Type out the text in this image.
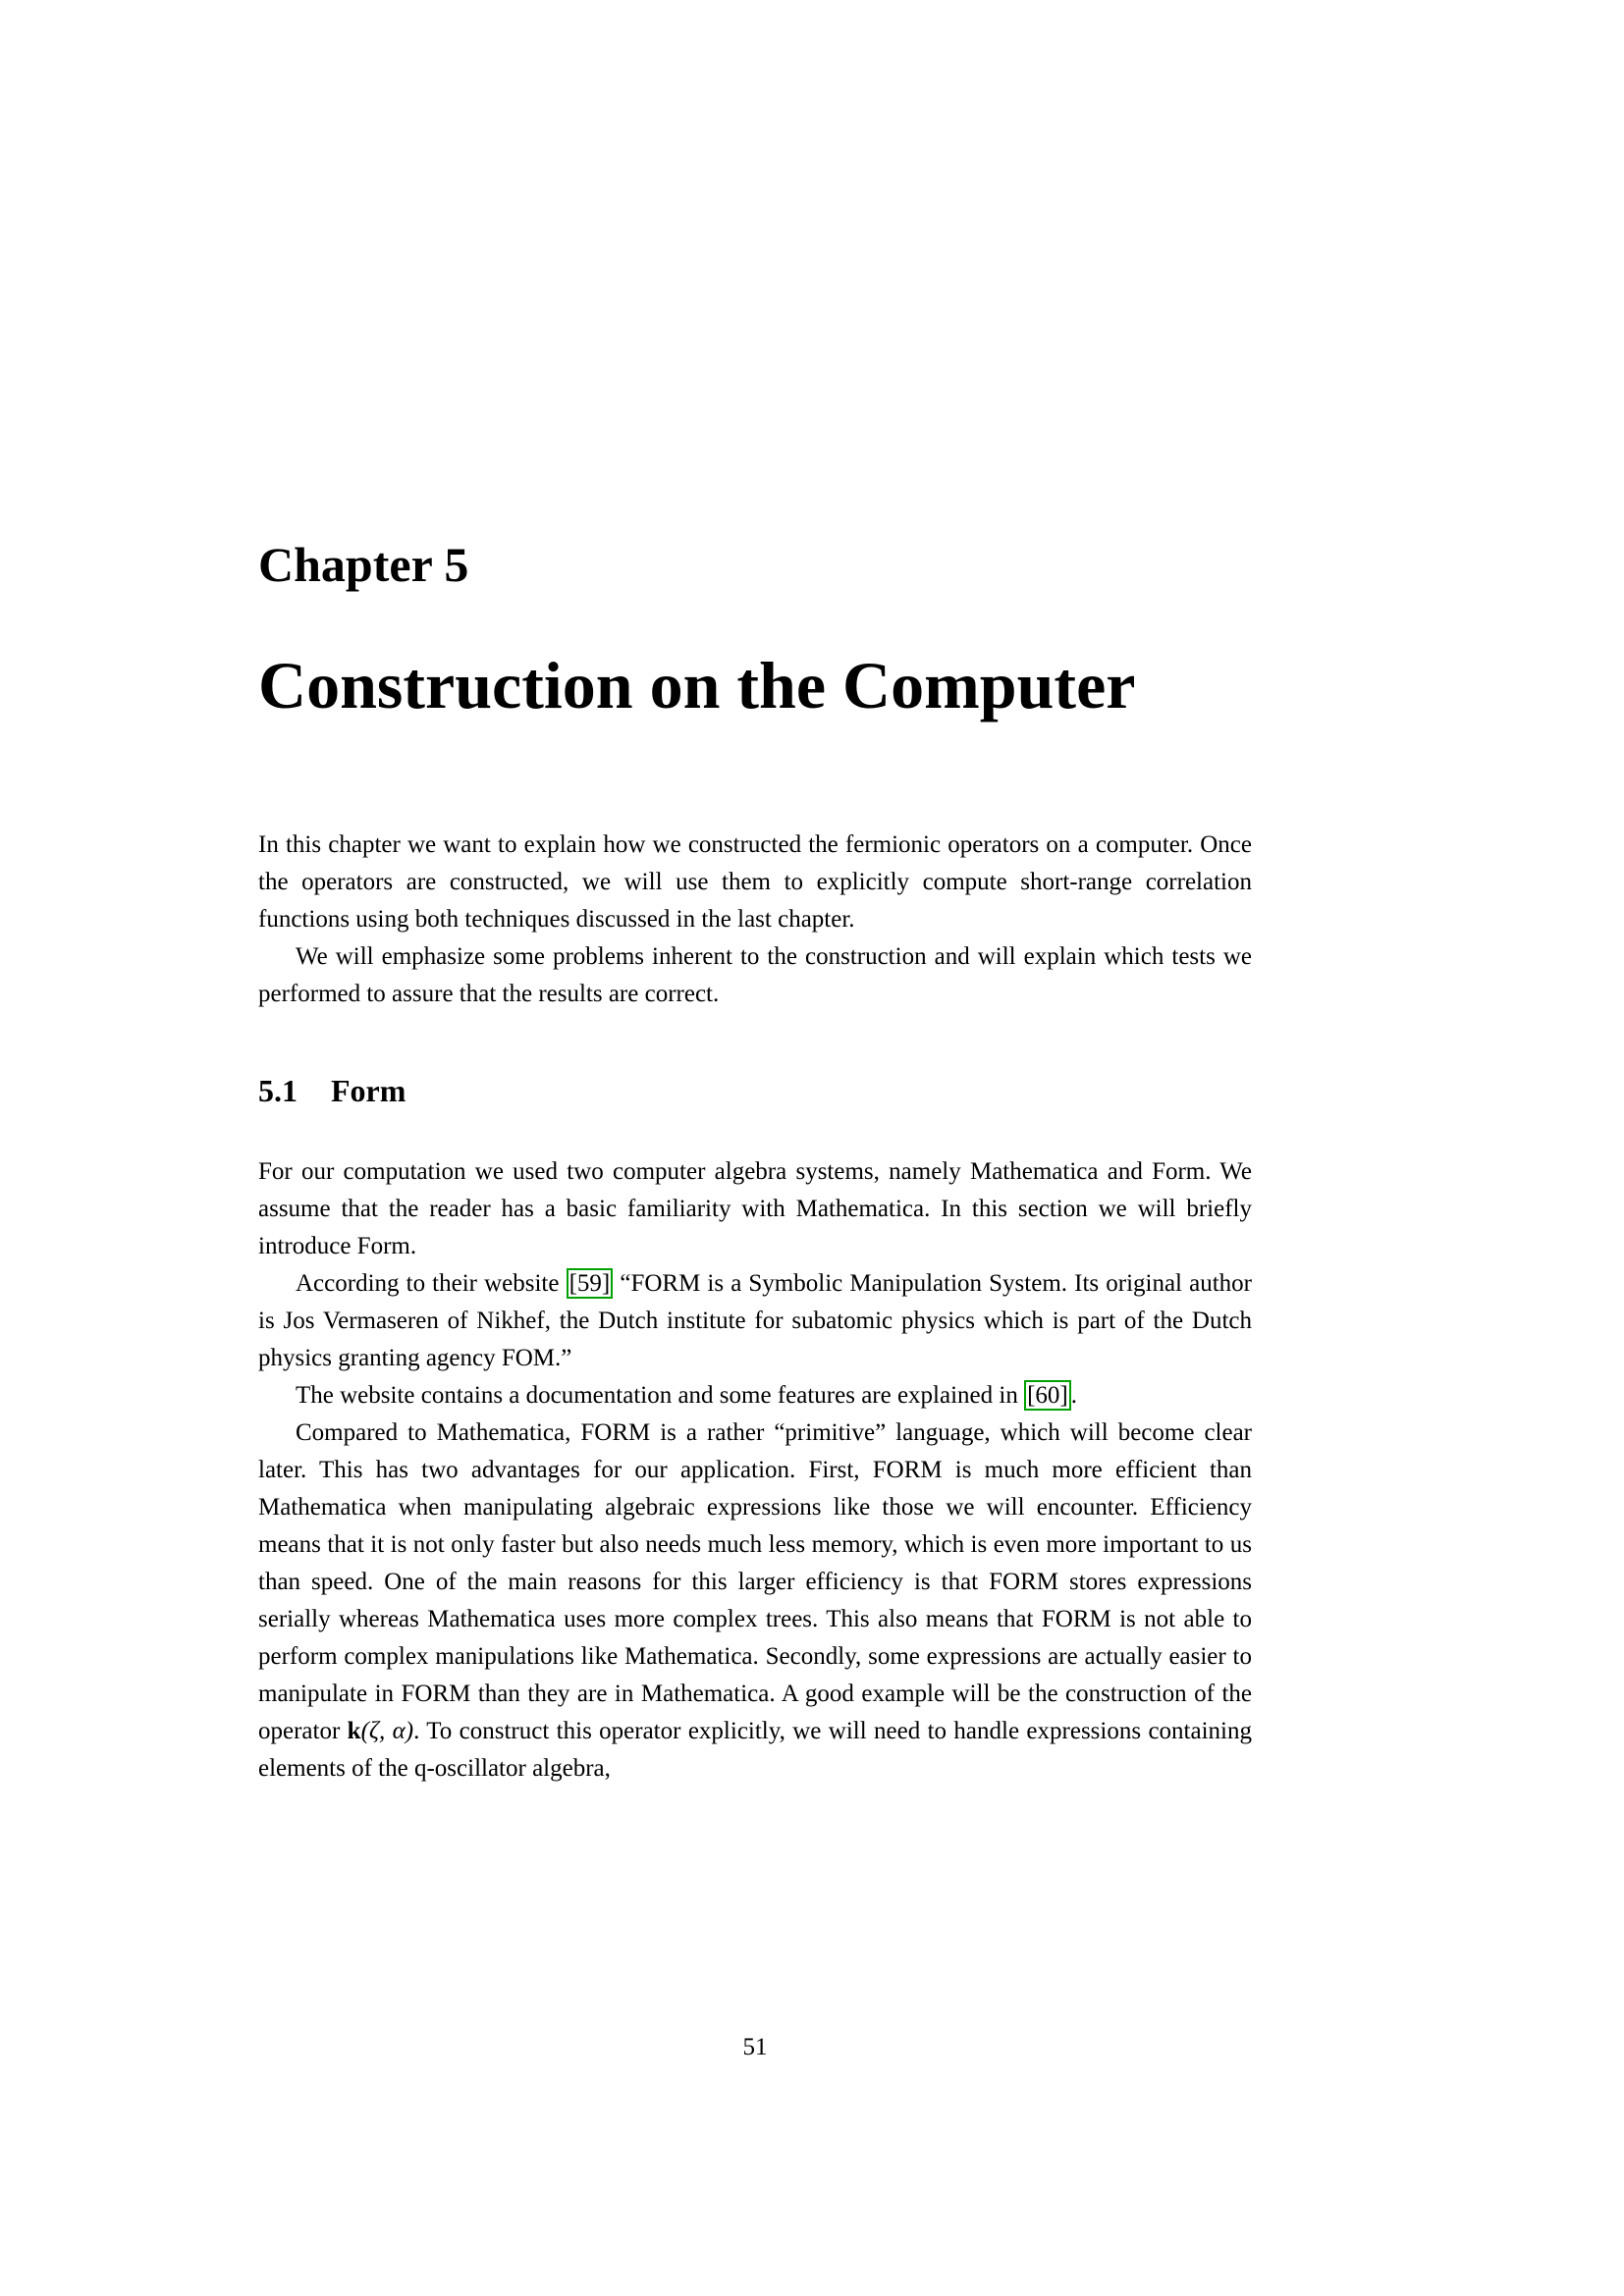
Chapter 5
Construction on the Computer

In this chapter we want to explain how we constructed the fermionic operators on a computer. Once the operators are constructed, we will use them to explicitly compute short-range correlation functions using both techniques discussed in the last chapter.

We will emphasize some problems inherent to the construction and will explain which tests we performed to assure that the results are correct.

5.1 Form

For our computation we used two computer algebra systems, namely Mathematica and Form. We assume that the reader has a basic familiarity with Mathematica. In this section we will briefly introduce Form.

According to their website [59] “FORM is a Symbolic Manipulation System. Its original author is Jos Vermaseren of Nikhef, the Dutch institute for subatomic physics which is part of the Dutch physics granting agency FOM.”

The website contains a documentation and some features are explained in [60] .

Compared to Mathematica, FORM is a rather “primitive” language, which will become clear later. This has two advantages for our application. First, FORM is much more efficient than Mathematica when manipulating algebraic expressions like those we will encounter. Efficiency means that it is not only faster but also needs much less memory, which is even more important to us than speed. One of the main reasons for this larger efficiency is that FORM stores expressions serially whereas Mathematica uses more complex trees. This also means that FORM is not able to perform complex manipulations like Mathematica. Secondly, some expressions are actually easier to manipulate in FORM than they are in Mathematica. A good example will be the construction of the operator k(ζ, α). To construct this operator explicitly, we will need to handle expressions containing elements of the q-oscillator algebra,

51
